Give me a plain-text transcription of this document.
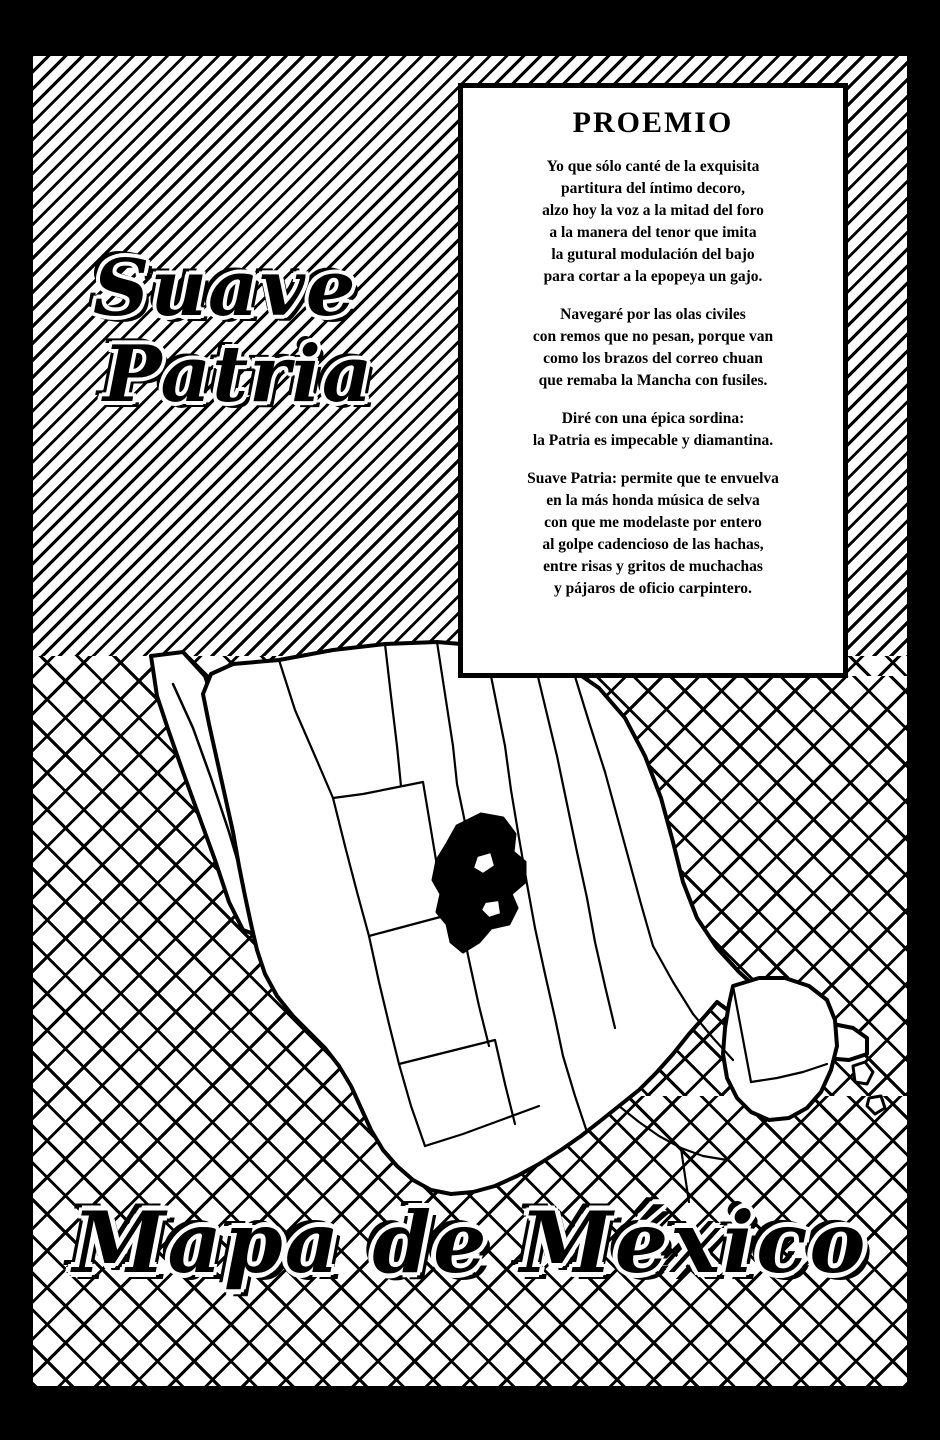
Suave
Patria
PROEMIO

Yo que sólo canté de la exquisita
partitura del íntimo decoro,
alzo hoy la voz a la mitad del foro
a la manera del tenor que imita
la gutural modulación del bajo
para cortar a la epopeya un gajo.

Navegaré por las olas civiles
con remos que no pesan, porque van
como los brazos del correo chuan
que remaba la Mancha con fusiles.

Diré con una épica sordina:
la Patria es impecable y diamantina.

Suave Patria: permite que te envuelva
en la más honda música de selva
con que me modelaste por entero
al golpe cadencioso de las hachas,
entre risas y gritos de muchachas
y pájaros de oficio carpintero.

Mapa de México
